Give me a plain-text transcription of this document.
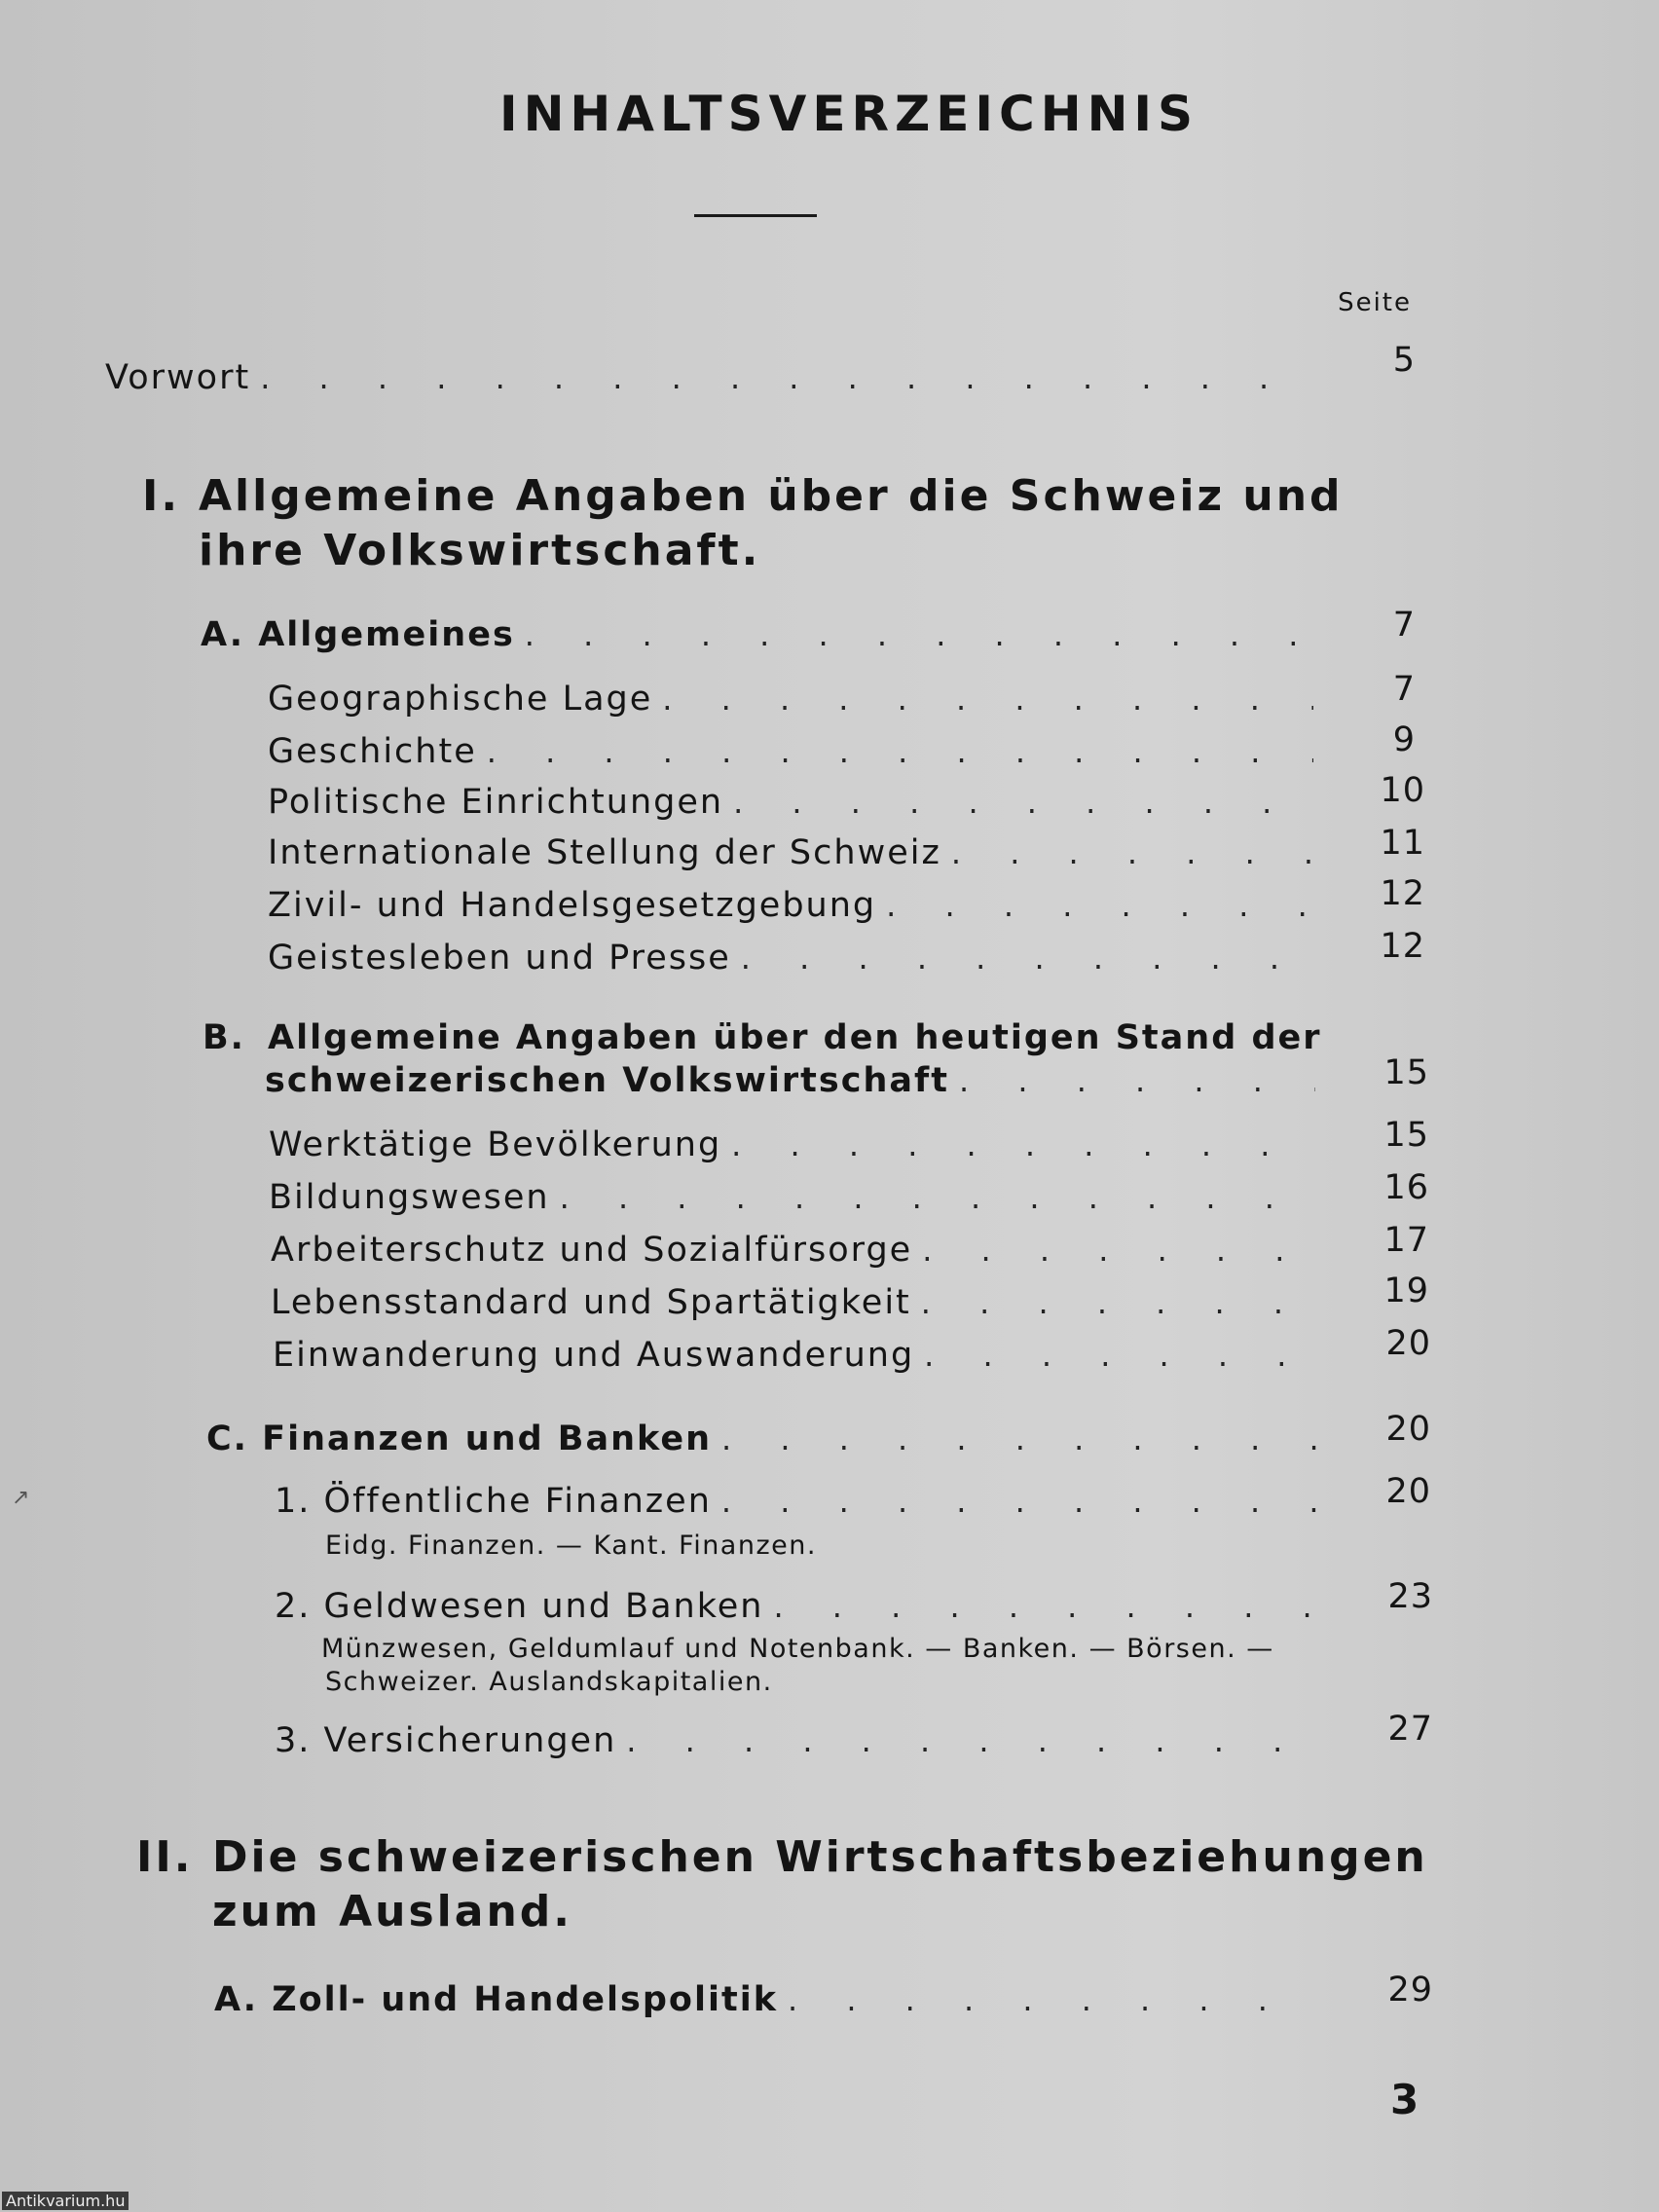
INHALTSVERZEICHNIS
Seite
Vorwort . . .	5
I. Allgemeine Angaben über die Schweiz und
ihre Volkswirtschaft.
A. Allgemeines . . .	7
Geographische Lage . . .	7
Geschichte . . .	9
Politische Einrichtungen . . .	10
Internationale Stellung der Schweiz . . .	11
Zivil- und Handelsgesetzgebung . . .	12
Geistesleben und Presse . . .	12
B. Allgemeine Angaben über den heutigen Stand der
schweizerischen Volkswirtschaft . . .	15
Werktätige Bevölkerung . . .	15
Bildungswesen . . .	16
Arbeiterschutz und Sozialfürsorge . . .	17
Lebensstandard und Spartätigkeit . . .	19
Einwanderung und Auswanderung . . .	20
C. Finanzen und Banken . . .	20
1. Öffentliche Finanzen . . .	20
Eidg. Finanzen. — Kant. Finanzen.
2. Geldwesen und Banken . . .	23
Münzwesen, Geldumlauf und Notenbank. — Banken. — Börsen. —
Schweizer. Auslandskapitalien.
3. Versicherungen . . .	27
II. Die schweizerischen Wirtschaftsbeziehungen
zum Ausland.
A. Zoll- und Handelspolitik . . .	29
3
↗
Antikvarium.hu
